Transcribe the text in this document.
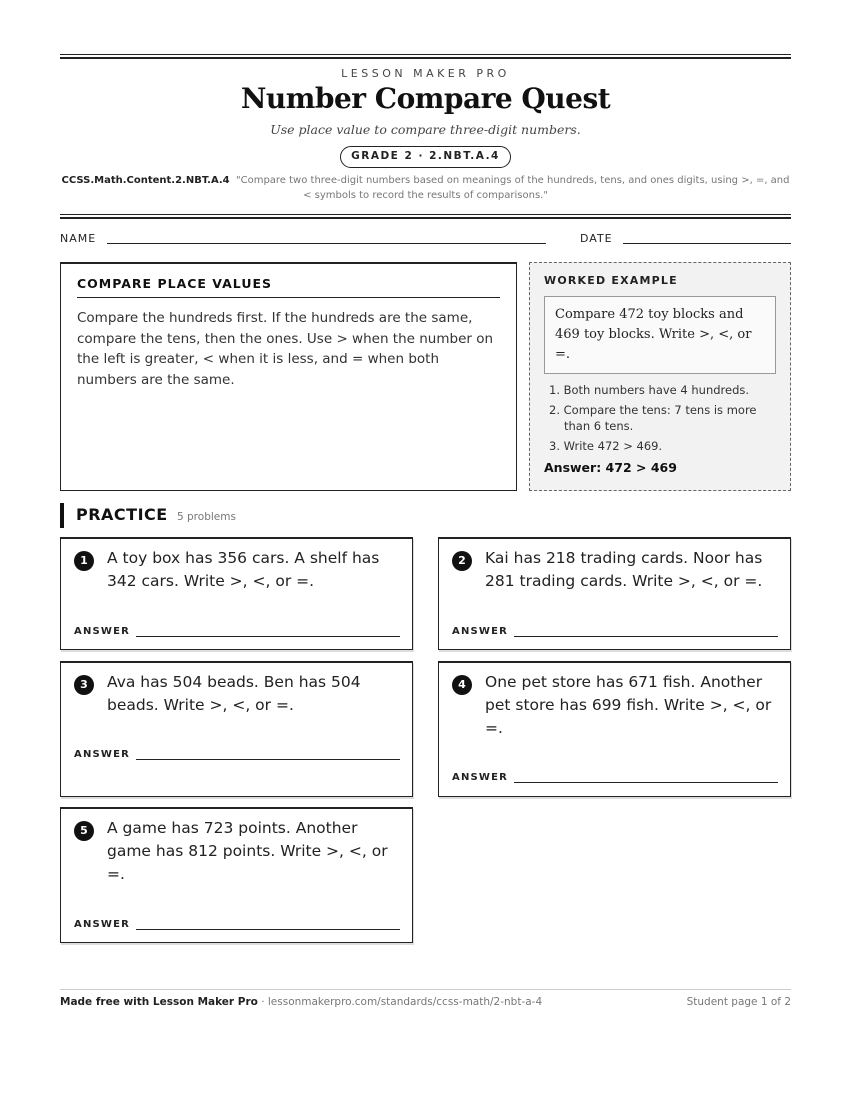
LESSON MAKER PRO
Number Compare Quest
Use place value to compare three-digit numbers.
GRADE 2 · 2.NBT.A.4
CCSS.Math.Content.2.NBT.A.4 "Compare two three-digit numbers based on meanings of the hundreds, tens, and ones digits, using >, =, and < symbols to record the results of comparisons."
NAME	DATE
COMPARE PLACE VALUES
Compare the hundreds first. If the hundreds are the same, compare the tens, then the ones. Use > when the number on the left is greater, < when it is less, and = when both numbers are the same.
WORKED EXAMPLE
Compare 472 toy blocks and 469 toy blocks. Write >, <, or =.
1. Both numbers have 4 hundreds.
2. Compare the tens: 7 tens is more than 6 tens.
3. Write 472 > 469.
Answer: 472 > 469
PRACTICE 5 problems
1	A toy box has 356 cars. A shelf has 342 cars. Write >, <, or =.
ANSWER
2	Kai has 218 trading cards. Noor has 281 trading cards. Write >, <, or =.
ANSWER
3	Ava has 504 beads. Ben has 504 beads. Write >, <, or =.
ANSWER
4	One pet store has 671 fish. Another pet store has 699 fish. Write >, <, or =.
ANSWER
5	A game has 723 points. Another game has 812 points. Write >, <, or =.
ANSWER
Made free with Lesson Maker Pro · lessonmakerpro.com/standards/ccss-math/2-nbt-a-4	Student page 1 of 2
